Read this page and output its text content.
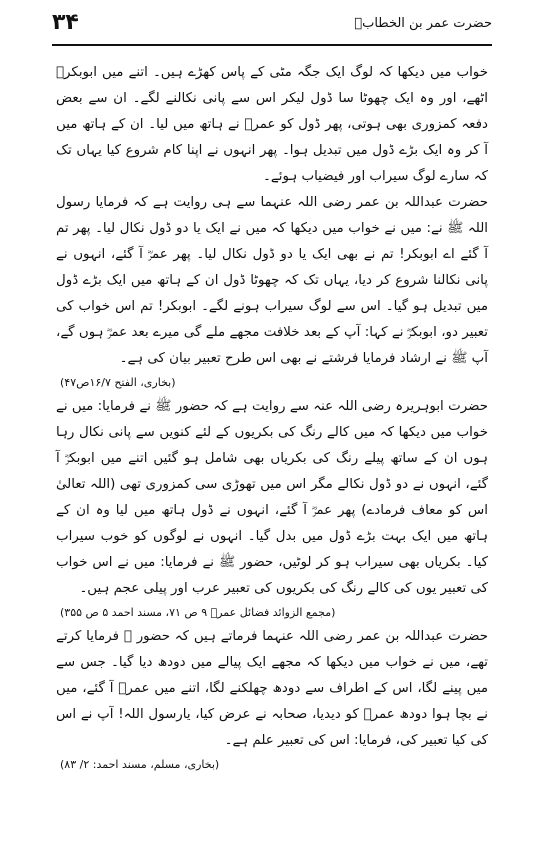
۳۴	حضرت عمر بن الخطابؓ

خواب میں دیکھا کہ لوگ ایک جگہ مٹی کے پاس کھڑے ہیں۔ اتنے میں ابوبکرؓ اٹھے، اور وہ ایک چھوٹا سا ڈول لیکر اس سے پانی نکالنے لگے۔ ان سے بعض دفعہ کمزوری بھی ہوتی، پھر ڈول کو عمرؓ نے ہاتھ میں لیا۔ ان کے ہاتھ میں آ کر وہ ایک بڑے ڈول میں تبدیل ہوا۔ پھر انہوں نے اپنا کام شروع کیا یہاں تک کہ سارے لوگ سیراب اور فیضیاب ہوئے۔

حضرت عبداللہ بن عمر رضی اللہ عنہما سے ہی روایت ہے کہ فرمایا رسول اللہ ﷺ نے: میں نے خواب میں دیکھا کہ میں نے ایک یا دو ڈول نکال لیا۔ پھر تم آ گئے اے ابوبکر! تم نے بھی ایک یا دو ڈول نکال لیا۔ پھر عمرؓ آ گئے، انہوں نے پانی نکالنا شروع کر دیا، یہاں تک کہ چھوٹا ڈول ان کے ہاتھ میں ایک بڑے ڈول میں تبدیل ہو گیا۔ اس سے لوگ سیراب ہونے لگے۔ ابوبکر! تم اس خواب کی تعبیر دو، ابوبکرؓ نے کہا: آپ کے بعد خلافت مجھے ملے گی میرے بعد عمرؓ ہوں گے، آپ ﷺ نے ارشاد فرمایا فرشتے نے بھی اس طرح تعبیر بیان کی ہے۔

(بخاری، الفتح ۱۶/۷ص۴۷)

حضرت ابوہریرہ رضی اللہ عنہ سے روایت ہے کہ حضور ﷺ نے فرمایا: میں نے خواب میں دیکھا کہ میں کالے رنگ کی بکریوں کے لئے کنویں سے پانی نکال رہا ہوں ان کے ساتھ پیلے رنگ کی بکریاں بھی شامل ہو گئیں اتنے میں ابوبکرؓ آ گئے، انہوں نے دو ڈول نکالے مگر اس میں تھوڑی سی کمزوری تھی (اللہ تعالیٰ اس کو معاف فرمادے) پھر عمرؓ آ گئے، انہوں نے ڈول ہاتھ میں لیا وہ ان کے ہاتھ میں ایک بہت بڑے ڈول میں بدل گیا۔ انہوں نے لوگوں کو خوب سیراب کیا۔ بکریاں بھی سیراب ہو کر لوٹیں، حضور ﷺ نے فرمایا: میں نے اس خواب کی تعبیر یوں کی کالے رنگ کی بکریوں کی تعبیر عرب اور پیلی عجم ہیں۔

(مجمع الزوائد فضائل عمرؓ ۹ ص ۷۱، مسند احمد ۵ ص ۳۵۵)

حضرت عبداللہ بن عمر رضی اللہ عنہما فرماتے ہیں کہ حضور ﷺ فرمایا کرتے تھے، میں نے خواب میں دیکھا کہ مجھے ایک پیالے میں دودھ دیا گیا۔ جس سے میں پینے لگا، اس کے اطراف سے دودھ چھلکنے لگا، اتنے میں عمرؓ آ گئے، میں نے بچا ہوا دودھ عمرؓ کو دیدیا، صحابہ نے عرض کیا، یارسول اللہ! آپ نے اس کی کیا تعبیر کی، فرمایا: اس کی تعبیر علم ہے۔

(بخاری، مسلم، مسند احمد: ۲/ ۸۳)
